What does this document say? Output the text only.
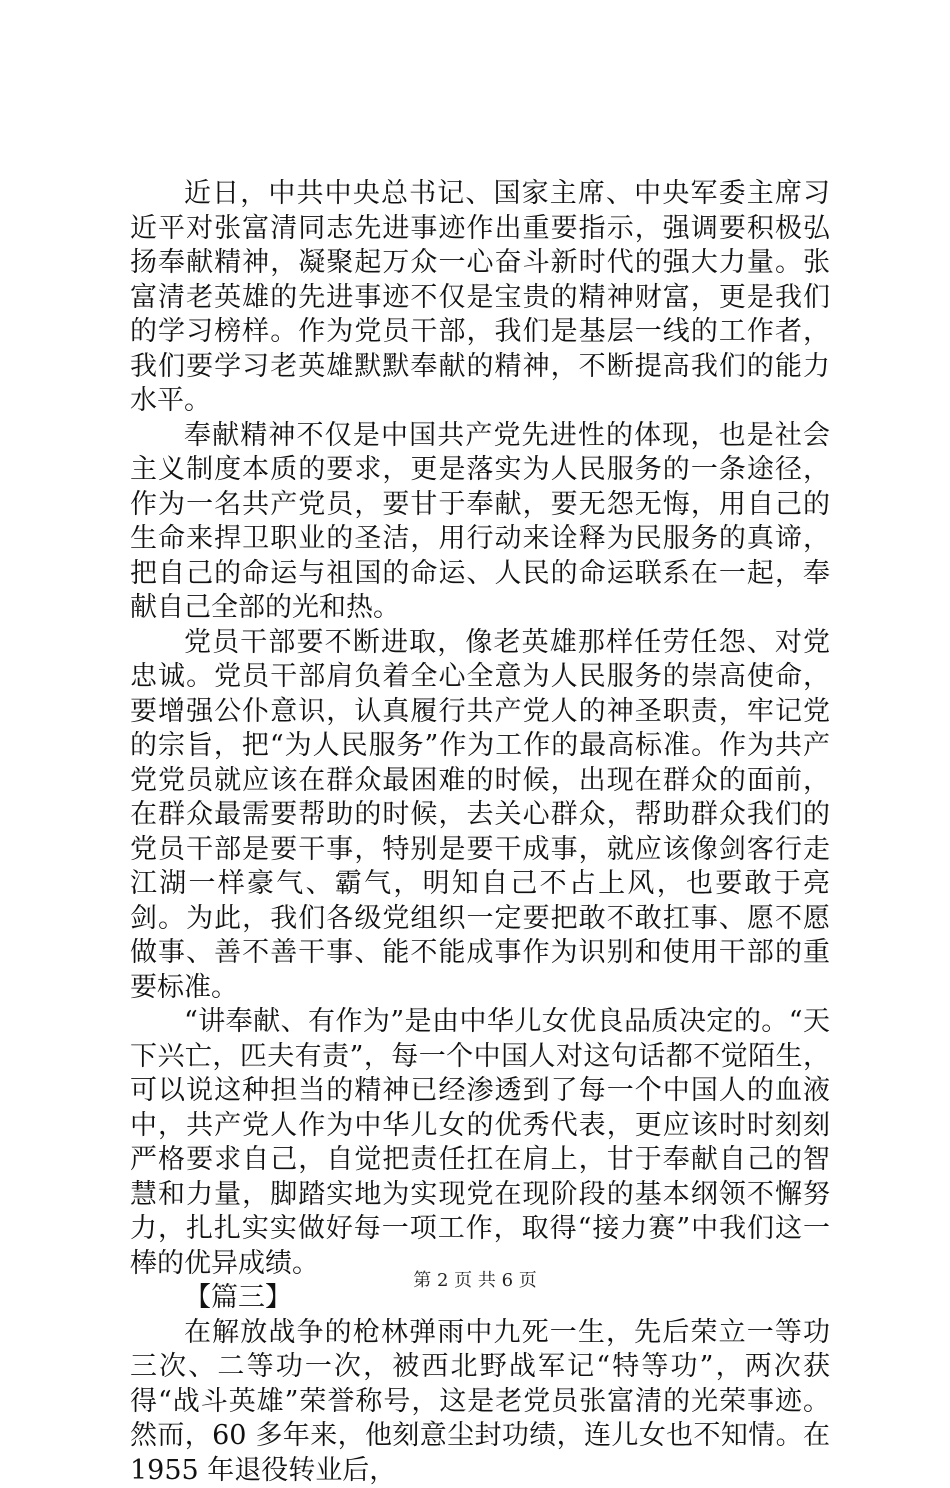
近日，中共中央总书记、国家主席、中央军委主席习近平对张富清同志先进事迹作出重要指示，强调要积极弘扬奉献精神，凝聚起万众一心奋斗新时代的强大力量。张富清老英雄的先进事迹不仅是宝贵的精神财富，更是我们的学习榜样。作为党员干部，我们是基层一线的工作者，我们要学习老英雄默默奉献的精神，不断提高我们的能力水平。

奉献精神不仅是中国共产党先进性的体现，也是社会主义制度本质的要求，更是落实为人民服务的一条途径，作为一名共产党员，要甘于奉献，要无怨无悔，用自己的生命来捍卫职业的圣洁，用行动来诠释为民服务的真谛，把自己的命运与祖国的命运、人民的命运联系在一起，奉献自己全部的光和热。

党员干部要不断进取，像老英雄那样任劳任怨、对党忠诚。党员干部肩负着全心全意为人民服务的崇高使命，要增强公仆意识，认真履行共产党人的神圣职责，牢记党的宗旨，把“为人民服务”作为工作的最高标准。作为共产党党员就应该在群众最困难的时候，出现在群众的面前，在群众最需要帮助的时候，去关心群众，帮助群众我们的党员干部是要干事，特别是要干成事，就应该像剑客行走江湖一样豪气、霸气，明知自己不占上风，也要敢于亮剑。为此，我们各级党组织一定要把敢不敢扛事、愿不愿做事、善不善干事、能不能成事作为识别和使用干部的重要标准。

“讲奉献、有作为”是由中华儿女优良品质决定的。“天下兴亡，匹夫有责”，每一个中国人对这句话都不觉陌生，可以说这种担当的精神已经渗透到了每一个中国人的血液中，共产党人作为中华儿女的优秀代表，更应该时时刻刻严格要求自己，自觉把责任扛在肩上，甘于奉献自己的智慧和力量，脚踏实地为实现党在现阶段的基本纲领不懈努力，扎扎实实做好每一项工作，取得“接力赛”中我们这一棒的优异成绩。

【篇三】

在解放战争的枪林弹雨中九死一生，先后荣立一等功三次、二等功一次，被西北野战军记“特等功”，两次获得“战斗英雄”荣誉称号，这是老党员张富清的光荣事迹。然而，60 多年来，他刻意尘封功绩，连儿女也不知情。在 1955 年退役转业后，

第 2 页 共 6 页
